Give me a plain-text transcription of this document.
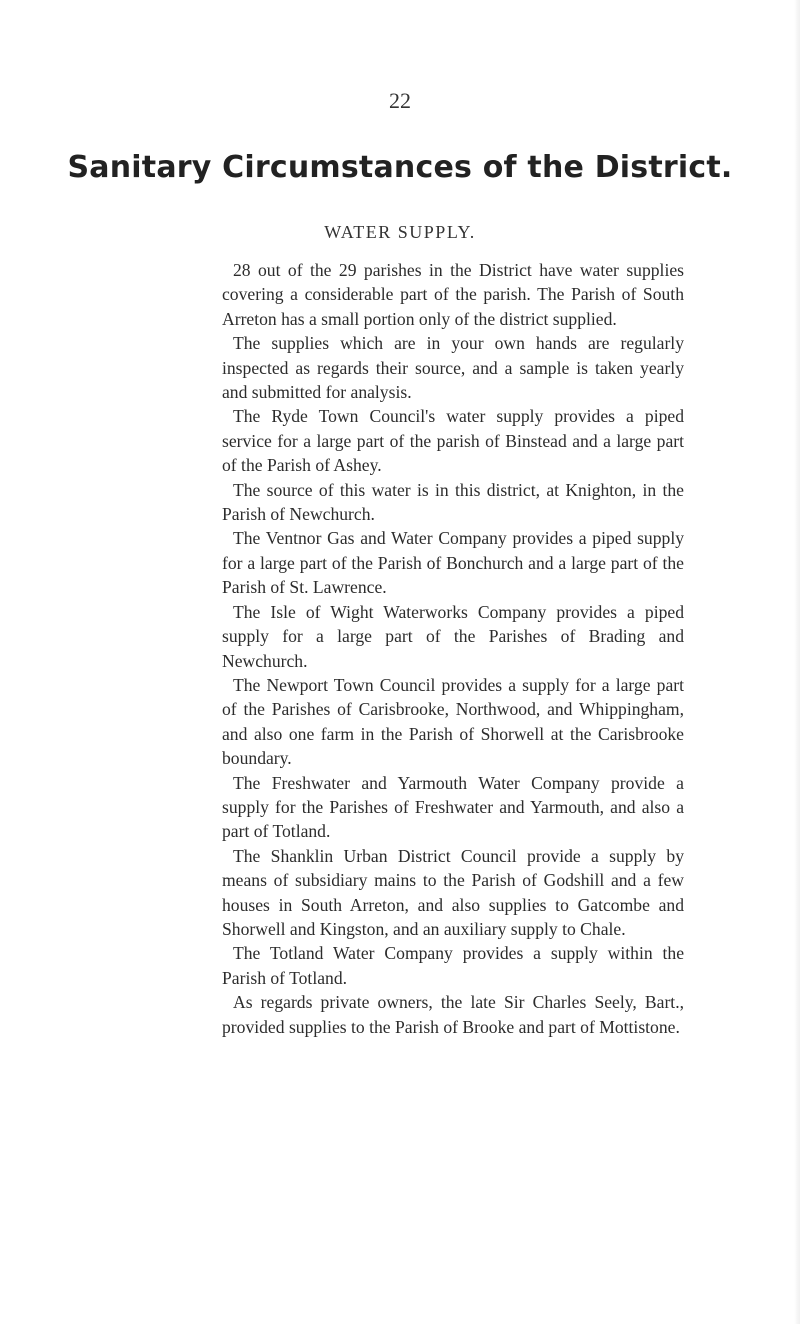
22
Sanitary Circumstances of the District.
WATER SUPPLY.

28 out of the 29 parishes in the District have water supplies covering a considerable part of the parish. The Parish of South Arreton has a small portion only of the district supplied.

The supplies which are in your own hands are regularly inspected as regards their source, and a sample is taken yearly and submitted for analysis.

The Ryde Town Council's water supply provides a piped service for a large part of the parish of Binstead and a large part of the Parish of Ashey.

The source of this water is in this district, at Knighton, in the Parish of Newchurch.

The Ventnor Gas and Water Company provides a piped supply for a large part of the Parish of Bonchurch and a large part of the Parish of St. Lawrence.

The Isle of Wight Waterworks Company provides a piped supply for a large part of the Parishes of Brading and Newchurch.

The Newport Town Council provides a supply for a large part of the Parishes of Carisbrooke, Northwood, and Whippingham, and also one farm in the Parish of Shorwell at the Carisbrooke boundary.

The Freshwater and Yarmouth Water Company provide a supply for the Parishes of Freshwater and Yarmouth, and also a part of Totland.

The Shanklin Urban District Council provide a supply by means of subsidiary mains to the Parish of Godshill and a few houses in South Arreton, and also supplies to Gatcombe and Shorwell and Kingston, and an auxiliary supply to Chale.

The Totland Water Company provides a supply within the Parish of Totland.

As regards private owners, the late Sir Charles Seely, Bart., provided supplies to the Parish of Brooke and part of Mottistone.
